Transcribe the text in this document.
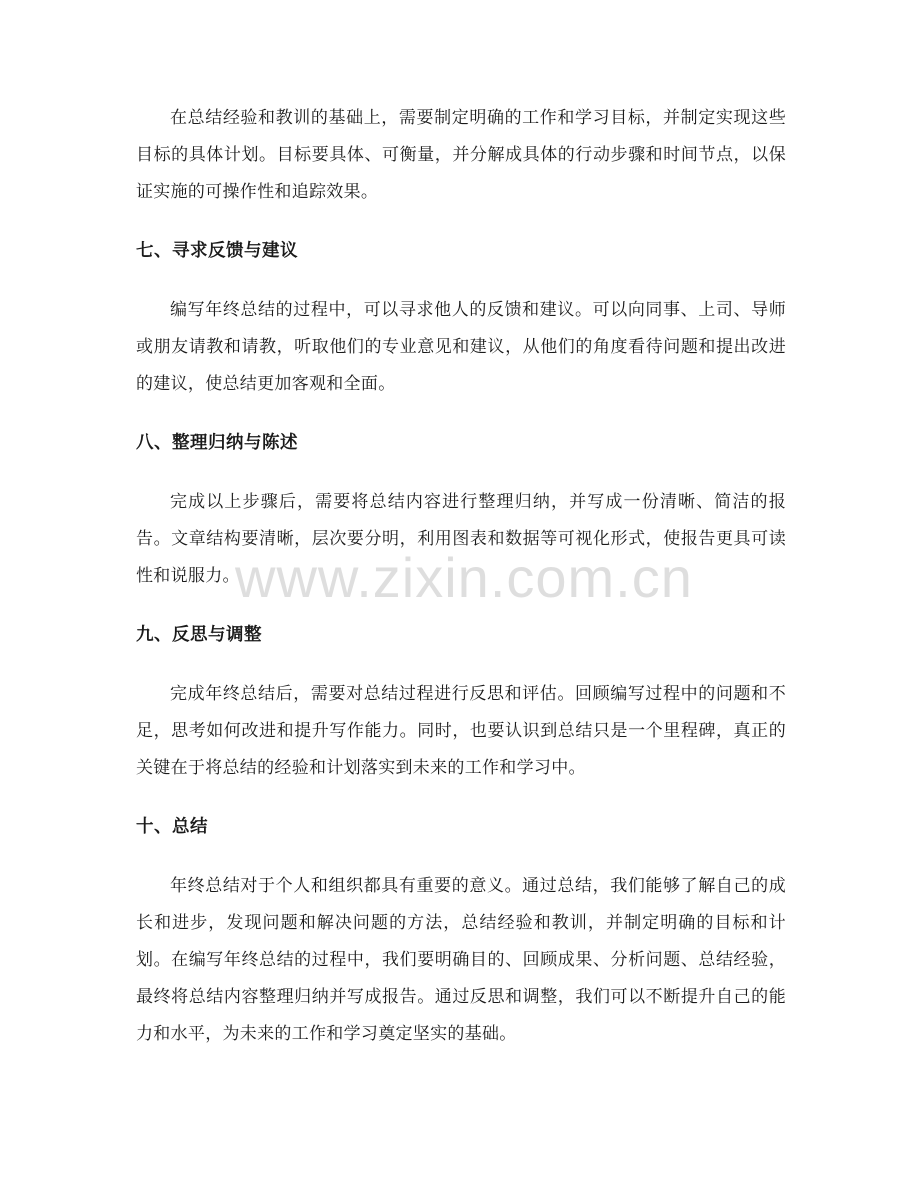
在总结经验和教训的基础上，需要制定明确的工作和学习目标，并制定实现这些目标的具体计划。目标要具体、可衡量，并分解成具体的行动步骤和时间节点，以保证实施的可操作性和追踪效果。

七、寻求反馈与建议

编写年终总结的过程中，可以寻求他人的反馈和建议。可以向同事、上司、导师或朋友请教和请教，听取他们的专业意见和建议，从他们的角度看待问题和提出改进的建议，使总结更加客观和全面。

八、整理归纳与陈述

完成以上步骤后，需要将总结内容进行整理归纳，并写成一份清晰、简洁的报告。文章结构要清晰，层次要分明，利用图表和数据等可视化形式，使报告更具可读性和说服力。

九、反思与调整

完成年终总结后，需要对总结过程进行反思和评估。回顾编写过程中的问题和不足，思考如何改进和提升写作能力。同时，也要认识到总结只是一个里程碑，真正的关键在于将总结的经验和计划落实到未来的工作和学习中。

十、总结

年终总结对于个人和组织都具有重要的意义。通过总结，我们能够了解自己的成长和进步，发现问题和解决问题的方法，总结经验和教训，并制定明确的目标和计划。在编写年终总结的过程中，我们要明确目的、回顾成果、分析问题、总结经验，最终将总结内容整理归纳并写成报告。通过反思和调整，我们可以不断提升自己的能力和水平，为未来的工作和学习奠定坚实的基础。

www.zixin.com.cn
